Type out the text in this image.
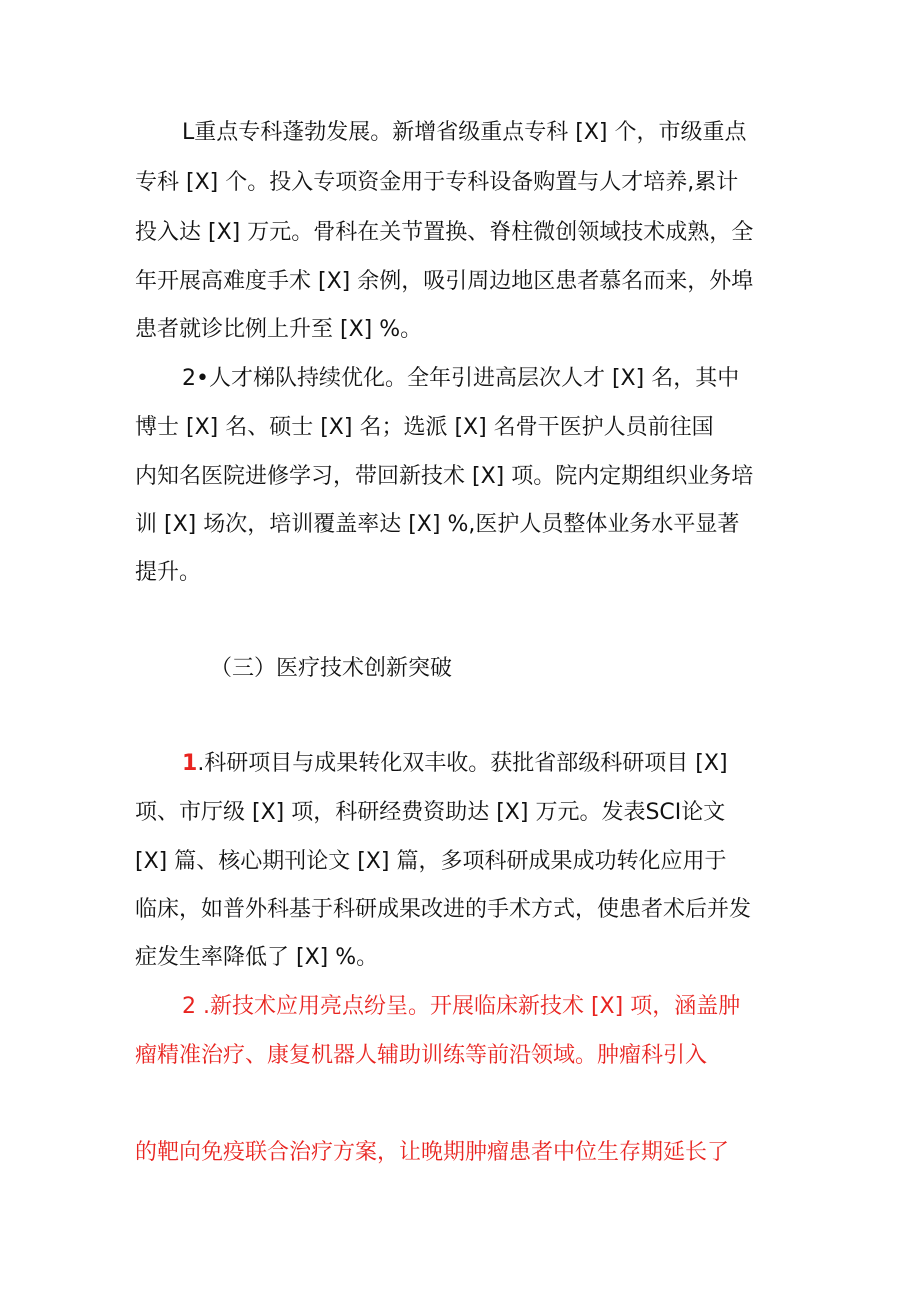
L重点专科蓬勃发展。新增省级重点专科 [X] 个，市级重点
专科 [X] 个。投入专项资金用于专科设备购置与人才培养,累计
投入达 [X] 万元。骨科在关节置换、脊柱微创领域技术成熟，全
年开展高难度手术 [X] 余例，吸引周边地区患者慕名而来，外埠
患者就诊比例上升至 [X] %。
2•人才梯队持续优化。全年引进高层次人才 [X] 名，其中
博士 [X] 名、硕士 [X] 名；选派 [X] 名骨干医护人员前往国
内知名医院进修学习，带回新技术 [X] 项。院内定期组织业务培
训 [X] 场次，培训覆盖率达 [X] %,医护人员整体业务水平显著
提升。
（三）医疗技术创新突破
1.科研项目与成果转化双丰收。获批省部级科研项目 [X]
项、市厅级 [X] 项，科研经费资助达 [X] 万元。发表SCI论文
[X] 篇、核心期刊论文 [X] 篇，多项科研成果成功转化应用于
临床，如普外科基于科研成果改进的手术方式，使患者术后并发
症发生率降低了 [X] %。
2 .新技术应用亮点纷呈。开展临床新技术 [X] 项，涵盖肿
瘤精准治疗、康复机器人辅助训练等前沿领域。肿瘤科引入
的靶向免疫联合治疗方案，让晚期肿瘤患者中位生存期延长了
